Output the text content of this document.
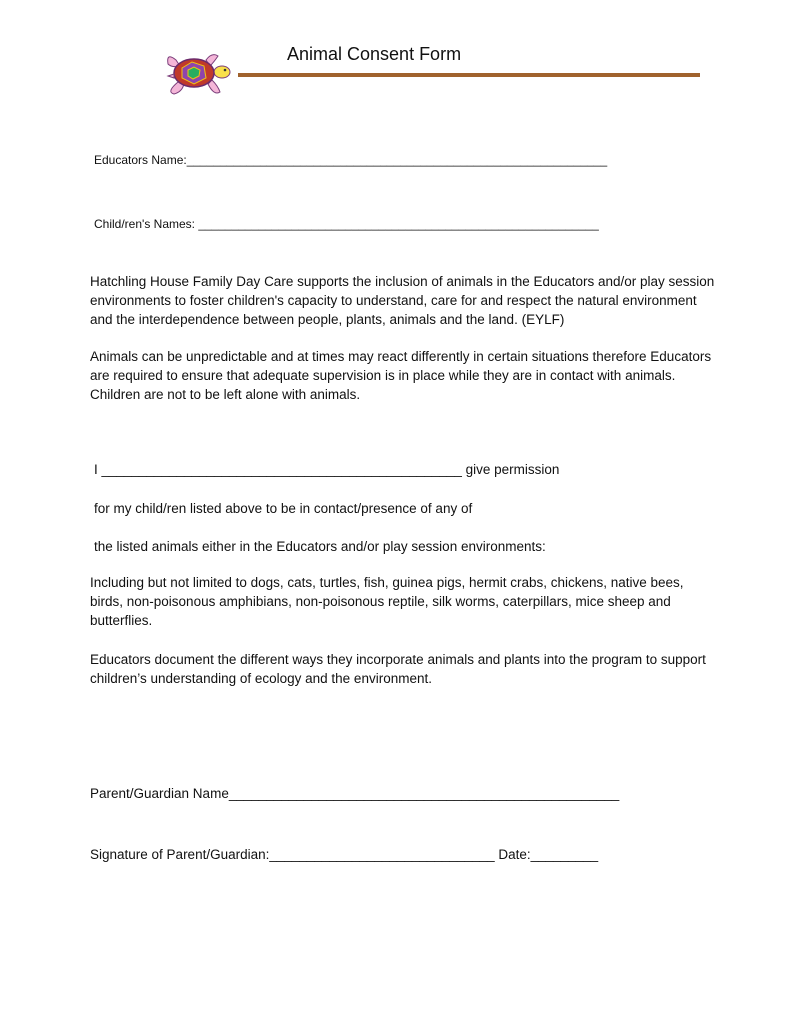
Animal Consent Form
Educators Name:_______________________________________________________________
Child/ren's Names: ____________________________________________________________
Hatchling House Family Day Care supports the inclusion of animals in the Educators and/or play session environments to foster children's capacity to understand, care for and respect the natural environment and the interdependence between people, plants, animals and the land. (EYLF)
Animals can be unpredictable and at times may react differently in certain situations therefore Educators are required to ensure that adequate supervision is in place while they are in contact with animals. Children are not to be left alone with animals.
I ________________________________________________ give permission
for my child/ren listed above to be in contact/presence of any of
the listed animals either in the Educators and/or play session environments:
Including but not limited to dogs, cats, turtles, fish, guinea pigs, hermit crabs, chickens, native bees, birds, non-poisonous amphibians, non-poisonous reptile, silk worms, caterpillars, mice sheep and butterflies.
Educators document the different ways they incorporate animals and plants into the program to support children’s understanding of ecology and the environment.
Parent/Guardian Name____________________________________________________
Signature of Parent/Guardian:______________________________ Date:_________
